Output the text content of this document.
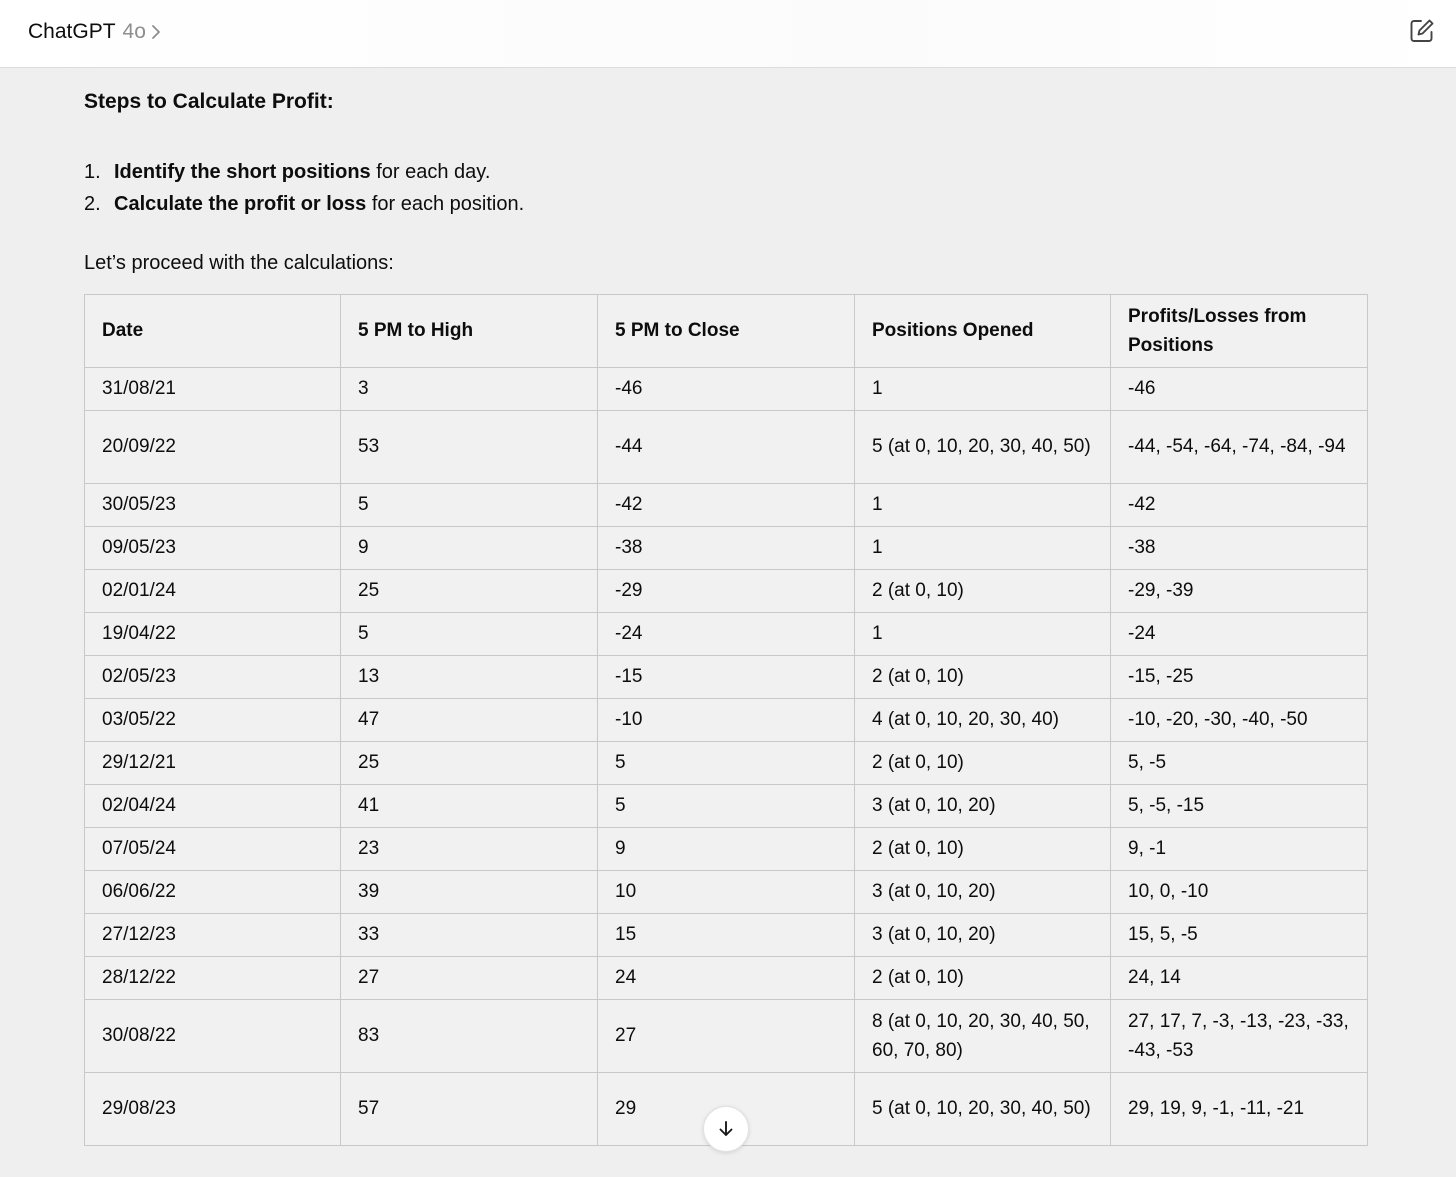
ChatGPT 4o

Steps to Calculate Profit:

1. Identify the short positions for each day.
2. Calculate the profit or loss for each position.

Let’s proceed with the calculations:

Date	5 PM to High	5 PM to Close	Positions Opened	Profits/Losses from Positions
31/08/21	3	-46	1	-46
20/09/22	53	-44	5 (at 0, 10, 20, 30, 40, 50)	-44, -54, -64, -74, -84, -94
30/05/23	5	-42	1	-42
09/05/23	9	-38	1	-38
02/01/24	25	-29	2 (at 0, 10)	-29, -39
19/04/22	5	-24	1	-24
02/05/23	13	-15	2 (at 0, 10)	-15, -25
03/05/22	47	-10	4 (at 0, 10, 20, 30, 40)	-10, -20, -30, -40, -50
29/12/21	25	5	2 (at 0, 10)	5, -5
02/04/24	41	5	3 (at 0, 10, 20)	5, -5, -15
07/05/24	23	9	2 (at 0, 10)	9, -1
06/06/22	39	10	3 (at 0, 10, 20)	10, 0, -10
27/12/23	33	15	3 (at 0, 10, 20)	15, 5, -5
28/12/22	27	24	2 (at 0, 10)	24, 14
30/08/22	83	27	8 (at 0, 10, 20, 30, 40, 50, 60, 70, 80)	27, 17, 7, -3, -13, -23, -33, -43, -53
29/08/23	57	29	5 (at 0, 10, 20, 30, 40, 50)	29, 19, 9, -1, -11, -21
